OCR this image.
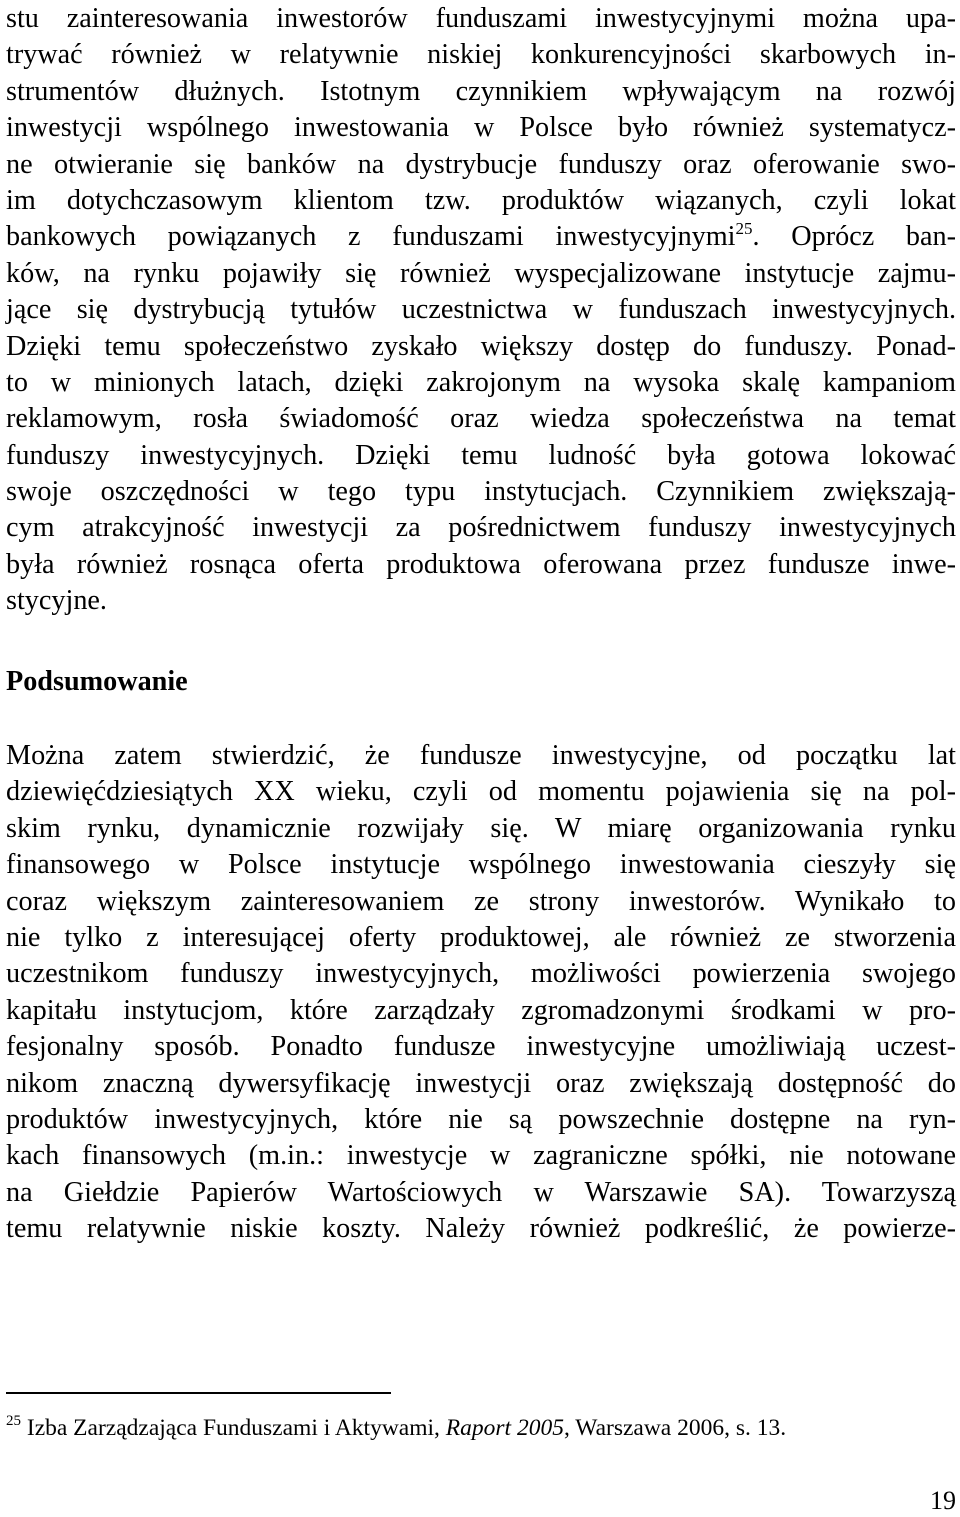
stu zainteresowania inwestorów funduszami inwestycyjnymi można upa-
trywać również w relatywnie niskiej konkurencyjności skarbowych in-
strumentów dłużnych. Istotnym czynnikiem wpływającym na rozwój
inwestycji wspólnego inwestowania w Polsce było również systematycz-
ne otwieranie się banków na dystrybucje funduszy oraz oferowanie swo-
im dotychczasowym klientom tzw. produktów wiązanych, czyli lokat
bankowych powiązanych z funduszami inwestycyjnymi$^{25}$. Oprócz ban-
ków, na rynku pojawiły się również wyspecjalizowane instytucje zajmu-
jące się dystrybucją tytułów uczestnictwa w funduszach inwestycyjnych.
Dzięki temu społeczeństwo zyskało większy dostęp do funduszy. Ponad-
to w minionych latach, dzięki zakrojonym na wysoka skalę kampaniom
reklamowym, rosła świadomość oraz wiedza społeczeństwa na temat
funduszy inwestycyjnych. Dzięki temu ludność była gotowa lokować
swoje oszczędności w tego typu instytucjach. Czynnikiem zwiększają-
cym atrakcyjność inwestycji za pośrednictwem funduszy inwestycyjnych
była również rosnąca oferta produktowa oferowana przez fundusze inwe-
stycyjne.
Podsumowanie
Można zatem stwierdzić, że fundusze inwestycyjne, od początku lat
dziewięćdziesiątych XX wieku, czyli od momentu pojawienia się na pol-
skim rynku, dynamicznie rozwijały się. W miarę organizowania rynku
finansowego w Polsce instytucje wspólnego inwestowania cieszyły się
coraz większym zainteresowaniem ze strony inwestorów. Wynikało to
nie tylko z interesującej oferty produktowej, ale również ze stworzenia
uczestnikom funduszy inwestycyjnych, możliwości powierzenia swojego
kapitału instytucjom, które zarządzały zgromadzonymi środkami w pro-
fesjonalny sposób. Ponadto fundusze inwestycyjne umożliwiają uczest-
nikom znaczną dywersyfikację inwestycji oraz zwiększają dostępność do
produktów inwestycyjnych, które nie są powszechnie dostępne na ryn-
kach finansowych (m.in.: inwestycje w zagraniczne spółki, nie notowane
na Giełdzie Papierów Wartościowych w Warszawie SA). Towarzyszą
temu relatywnie niskie koszty. Należy również podkreślić, że powierze-
$^{25}$ Izba Zarządzająca Funduszami i Aktywami, Raport 2005, Warszawa 2006, s. 13.
19
